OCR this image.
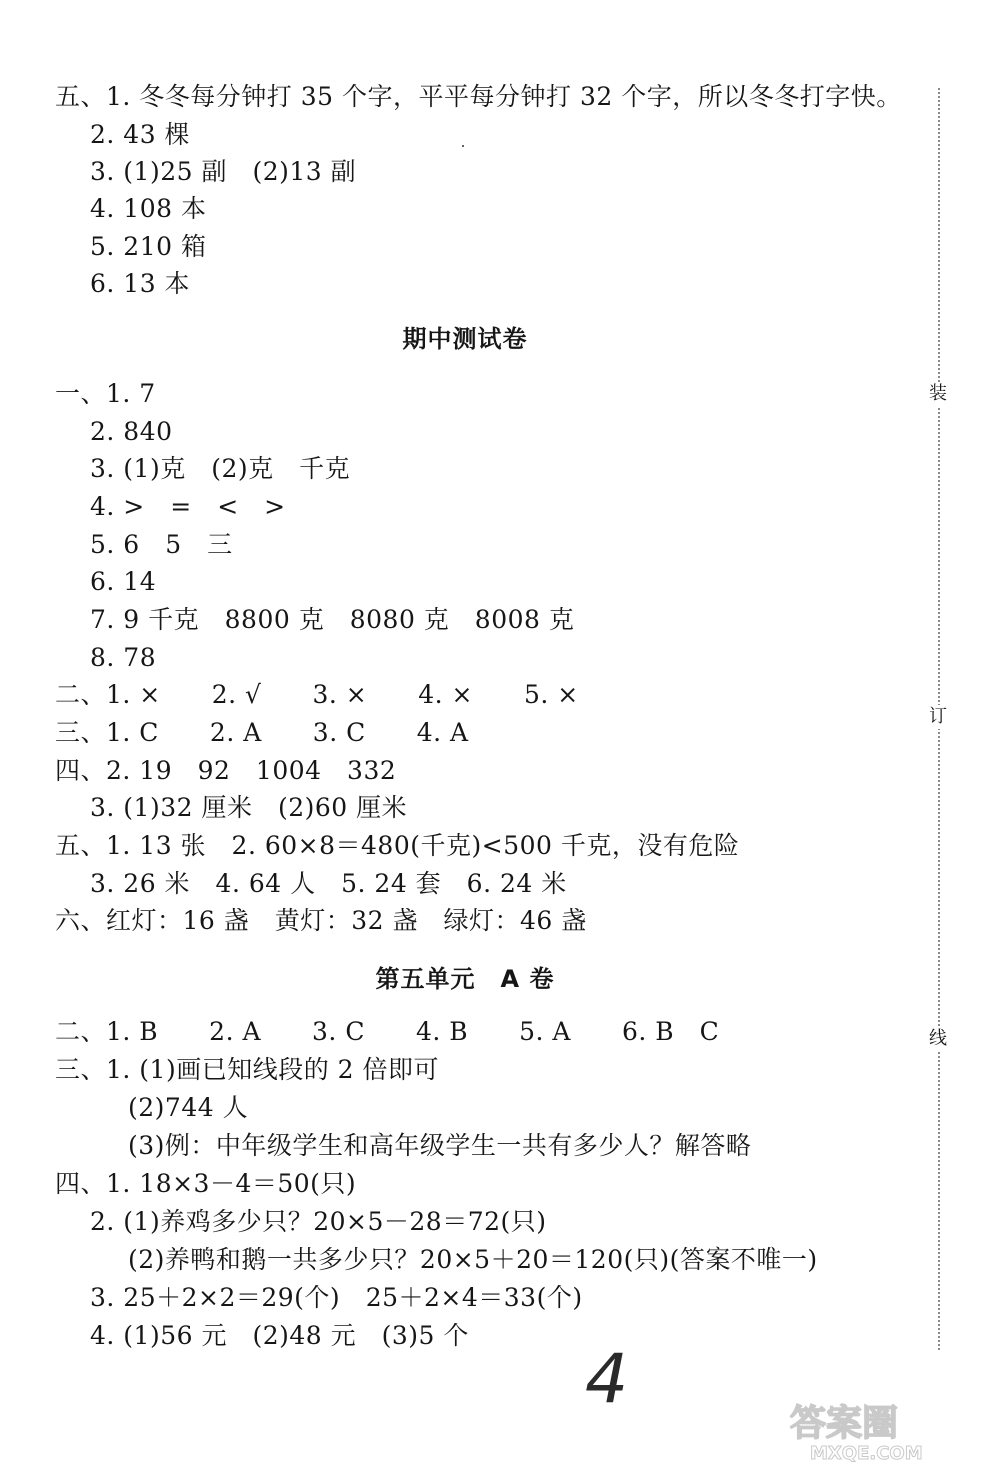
五、1. 冬冬每分钟打 35 个字，平平每分钟打 32 个字，所以冬冬打字快。
2. 43 棵
3. (1)25 副　(2)13 副
4. 108 本
5. 210 箱
6. 13 本
期中测试卷
一、1. 7
2. 840
3. (1)克　(2)克　千克
4. >　=　<　>
5. 6　5　三
6. 14
7. 9 千克　8800 克　8080 克　8008 克
8. 78
二、1. ×　　2. √　　3. ×　　4. ×　　5. ×
三、1. C　　2. A　　3. C　　4. A
四、2. 19　92　1004　332
3. (1)32 厘米　(2)60 厘米
五、1. 13 张　2. 60×8＝480(千克)<500 千克，没有危险
3. 26 米　4. 64 人　5. 24 套　6. 24 米
六、红灯：16 盏　黄灯：32 盏　绿灯：46 盏
第五单元　A 卷
二、1. B　　2. A　　3. C　　4. B　　5. A　　6. B　C
三、1. (1)画已知线段的 2 倍即可
(2)744 人
(3)例：中年级学生和高年级学生一共有多少人？解答略
四、1. 18×3－4＝50(只)
2. (1)养鸡多少只？20×5－28＝72(只)
(2)养鸭和鹅一共多少只？20×5＋20＝120(只)(答案不唯一)
3. 25＋2×2＝29(个)　25＋2×4＝33(个)
4. (1)56 元　(2)48 元　(3)5 个
装
订
线
4
答案圈
MXQE.COM
